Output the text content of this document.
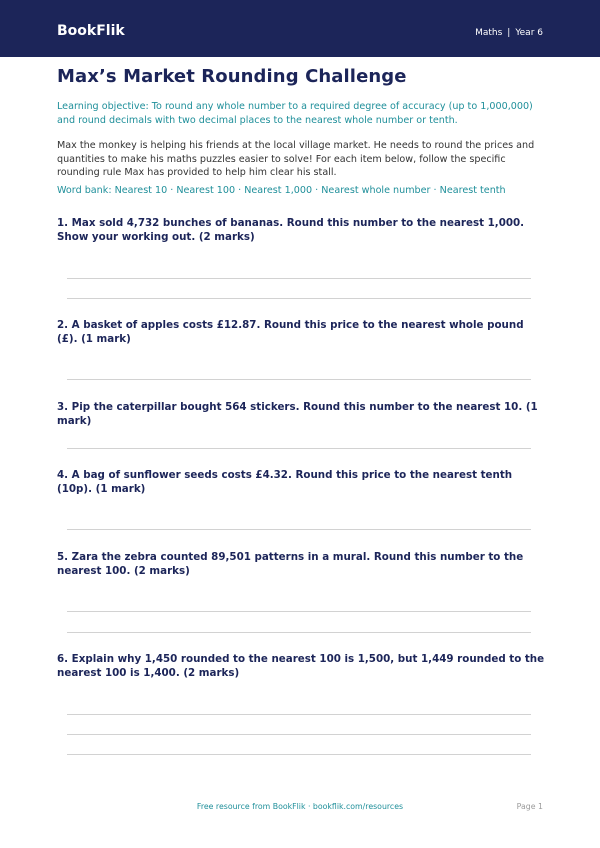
BookFlik	Maths | Year 6
Max’s Market Rounding Challenge

Learning objective: To round any whole number to a required degree of accuracy (up to 1,000,000) and round decimals with two decimal places to the nearest whole number or tenth.

Max the monkey is helping his friends at the local village market. He needs to round the prices and quantities to make his maths puzzles easier to solve! For each item below, follow the specific rounding rule Max has provided to help him clear his stall.

Word bank: Nearest 10 · Nearest 100 · Nearest 1,000 · Nearest whole number · Nearest tenth

1. Max sold 4,732 bunches of bananas. Round this number to the nearest 1,000. Show your working out. (2 marks)

2. A basket of apples costs £12.87. Round this price to the nearest whole pound (£). (1 mark)

3. Pip the caterpillar bought 564 stickers. Round this number to the nearest 10. (1 mark)

4. A bag of sunflower seeds costs £4.32. Round this price to the nearest tenth (10p). (1 mark)

5. Zara the zebra counted 89,501 patterns in a mural. Round this number to the nearest 100. (2 marks)

6. Explain why 1,450 rounded to the nearest 100 is 1,500, but 1,449 rounded to the nearest 100 is 1,400. (2 marks)

Free resource from BookFlik · bookflik.com/resources	Page 1
